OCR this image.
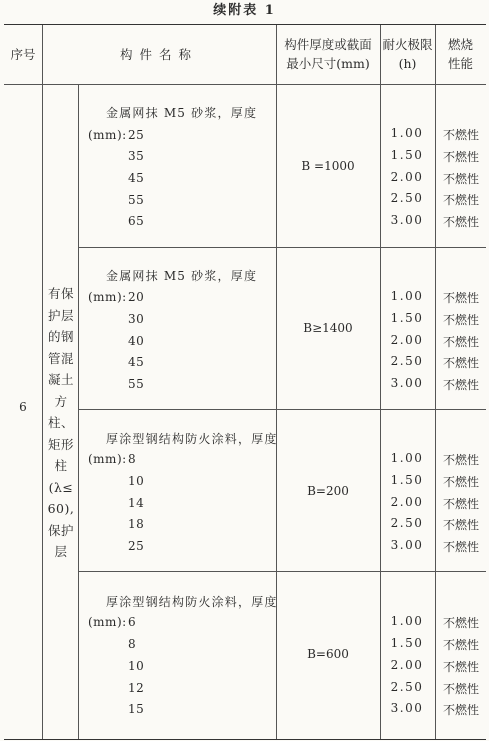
续附表 1
序号	构件名称
构件厚度或截面
最小尺寸(mm)
耐火极限
(h)
燃烧
性能
6
有保
护层
的钢
管混
凝土
方柱、
矩形
柱
(λ≤
60),
保护
层
金属网抹 M5 砂浆，厚度
(mm): 25
35
45
55
65
B =1000
1.00
1.50
2.00
2.50
3.00
不燃性
不燃性
不燃性
不燃性
不燃性
金属网抹 M5 砂浆，厚度
(mm): 20
30
40
45
55
B≥1400
1.00
1.50
2.00
2.50
3.00
不燃性
不燃性
不燃性
不燃性
不燃性
厚涂型钢结构防火涂料，厚度
(mm): 8
10
14
18
25
B=200
1.00
1.50
2.00
2.50
3.00
不燃性
不燃性
不燃性
不燃性
不燃性
厚涂型钢结构防火涂料，厚度
(mm): 6
8
10
12
15
B=600
1.00
1.50
2.00
2.50
3.00
不燃性
不燃性
不燃性
不燃性
不燃性
